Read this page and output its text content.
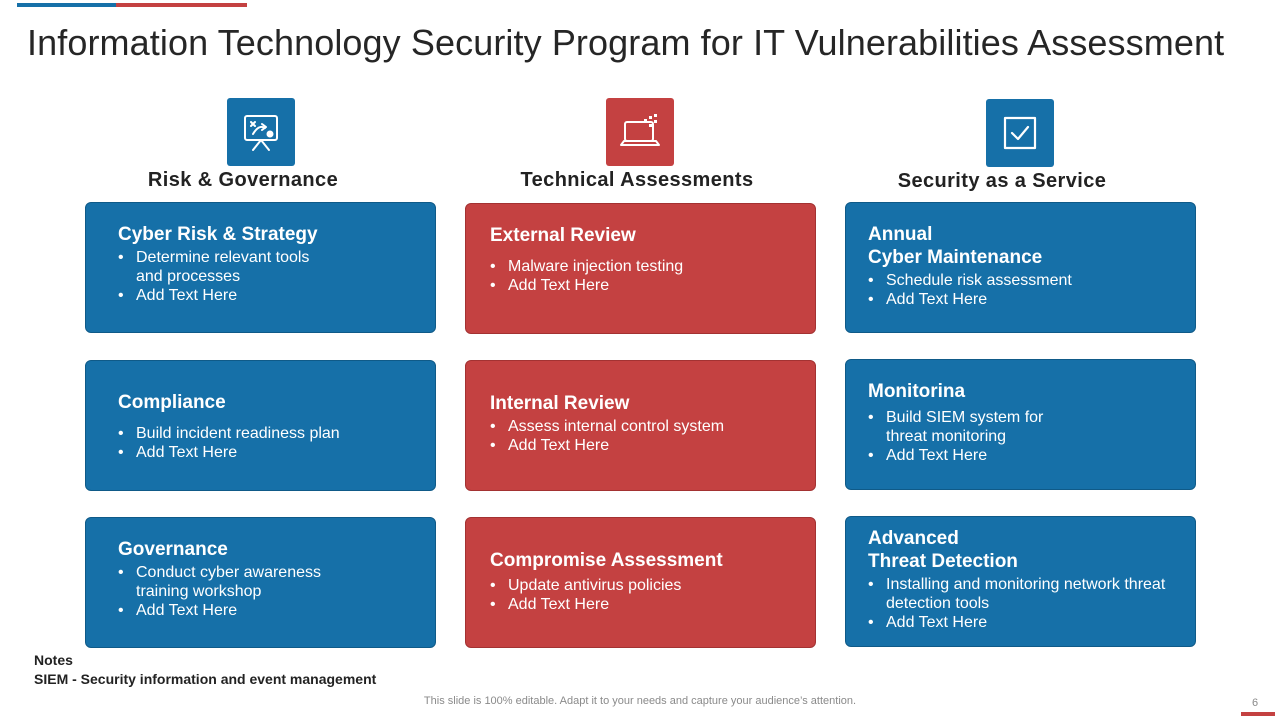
Information Technology Security Program for IT Vulnerabilities Assessment
Risk & Governance	Technical Assessments	Security as a Service
Cyber Risk & Strategy
• Determine relevant tools
and processes
• Add Text Here
Compliance
• Build incident readiness plan
• Add Text Here
Governance
• Conduct cyber awareness
training workshop
• Add Text Here
External Review
• Malware injection testing
• Add Text Here
Internal Review
• Assess internal control system
• Add Text Here
Compromise Assessment
• Update antivirus policies
• Add Text Here
Annual
Cyber Maintenance
• Schedule risk assessment
• Add Text Here
Monitorina
• Build SIEM system for
threat monitoring
• Add Text Here
Advanced
Threat Detection
• Installing and monitoring network threat
detection tools
• Add Text Here
Notes
SIEM - Security information and event management
This slide is 100% editable. Adapt it to your needs and capture your audience’s attention.	6
